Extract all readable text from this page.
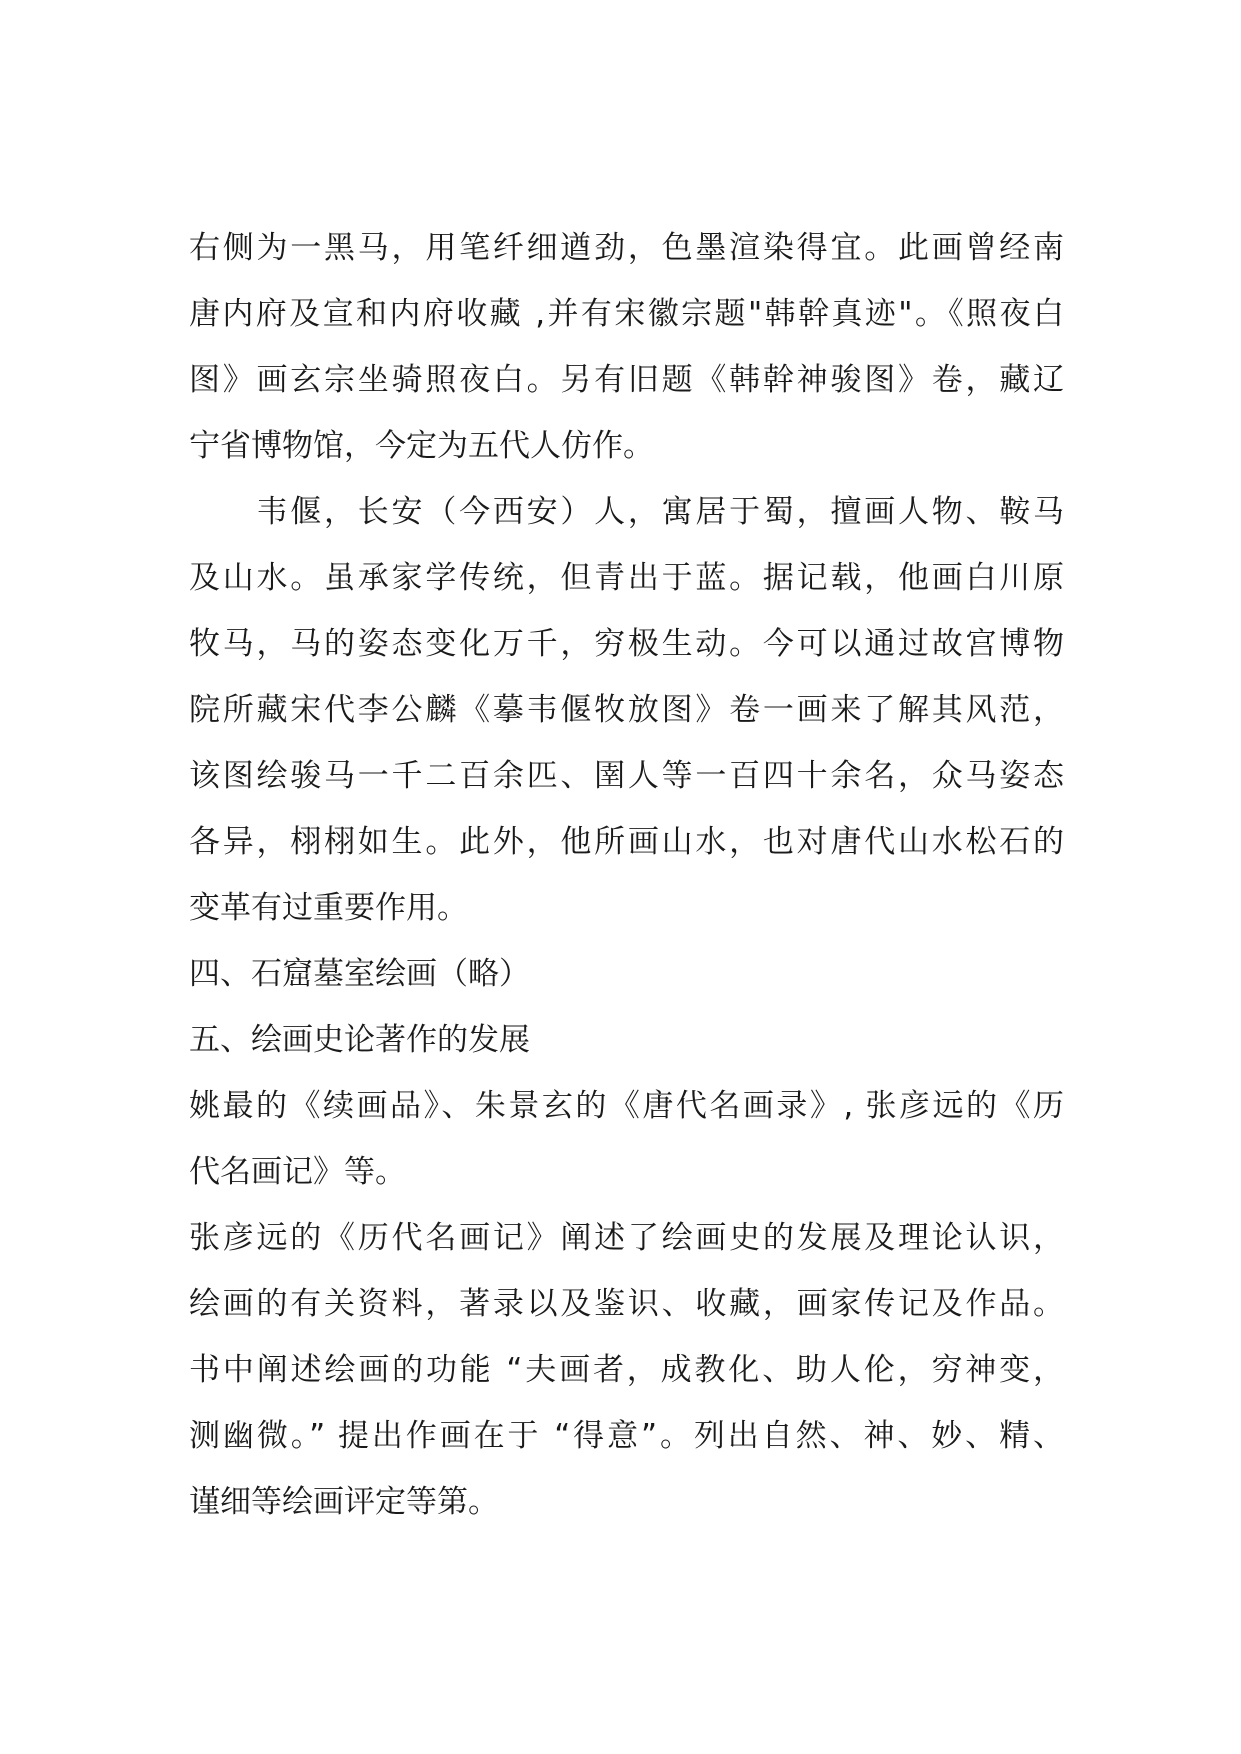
右侧为一黑马，用笔纤细遒劲，色墨渲染得宜。此画曾经南
唐内府及宣和内府收藏 ,并有宋徽宗题"韩幹真迹"。《照夜白
图》画玄宗坐骑照夜白。另有旧题《韩幹神骏图》卷，藏辽
宁省博物馆，今定为五代人仿作。
　　韦偃，长安（今西安）人，寓居于蜀，擅画人物、鞍马
及山水。虽承家学传统，但青出于蓝。据记载，他画白川原
牧马，马的姿态变化万千，穷极生动。今可以通过故宫博物
院所藏宋代李公麟《摹韦偃牧放图》卷一画来了解其风范，
该图绘骏马一千二百余匹、圉人等一百四十余名，众马姿态
各异，栩栩如生。此外，他所画山水，也对唐代山水松石的
变革有过重要作用。
四、石窟墓室绘画（略）
五、绘画史论著作的发展
姚最的《续画品》、朱景玄的《唐代名画录》, 张彦远的《历
代名画记》等。
张彦远的《历代名画记》阐述了绘画史的发展及理论认识，
绘画的有关资料，著录以及鉴识、收藏，画家传记及作品。
书中阐述绘画的功能 “夫画者，成教化、助人伦，穷神变，
测幽微。” 提出作画在于 “得意”。列出自然、神、妙、精、
谨细等绘画评定等第。
